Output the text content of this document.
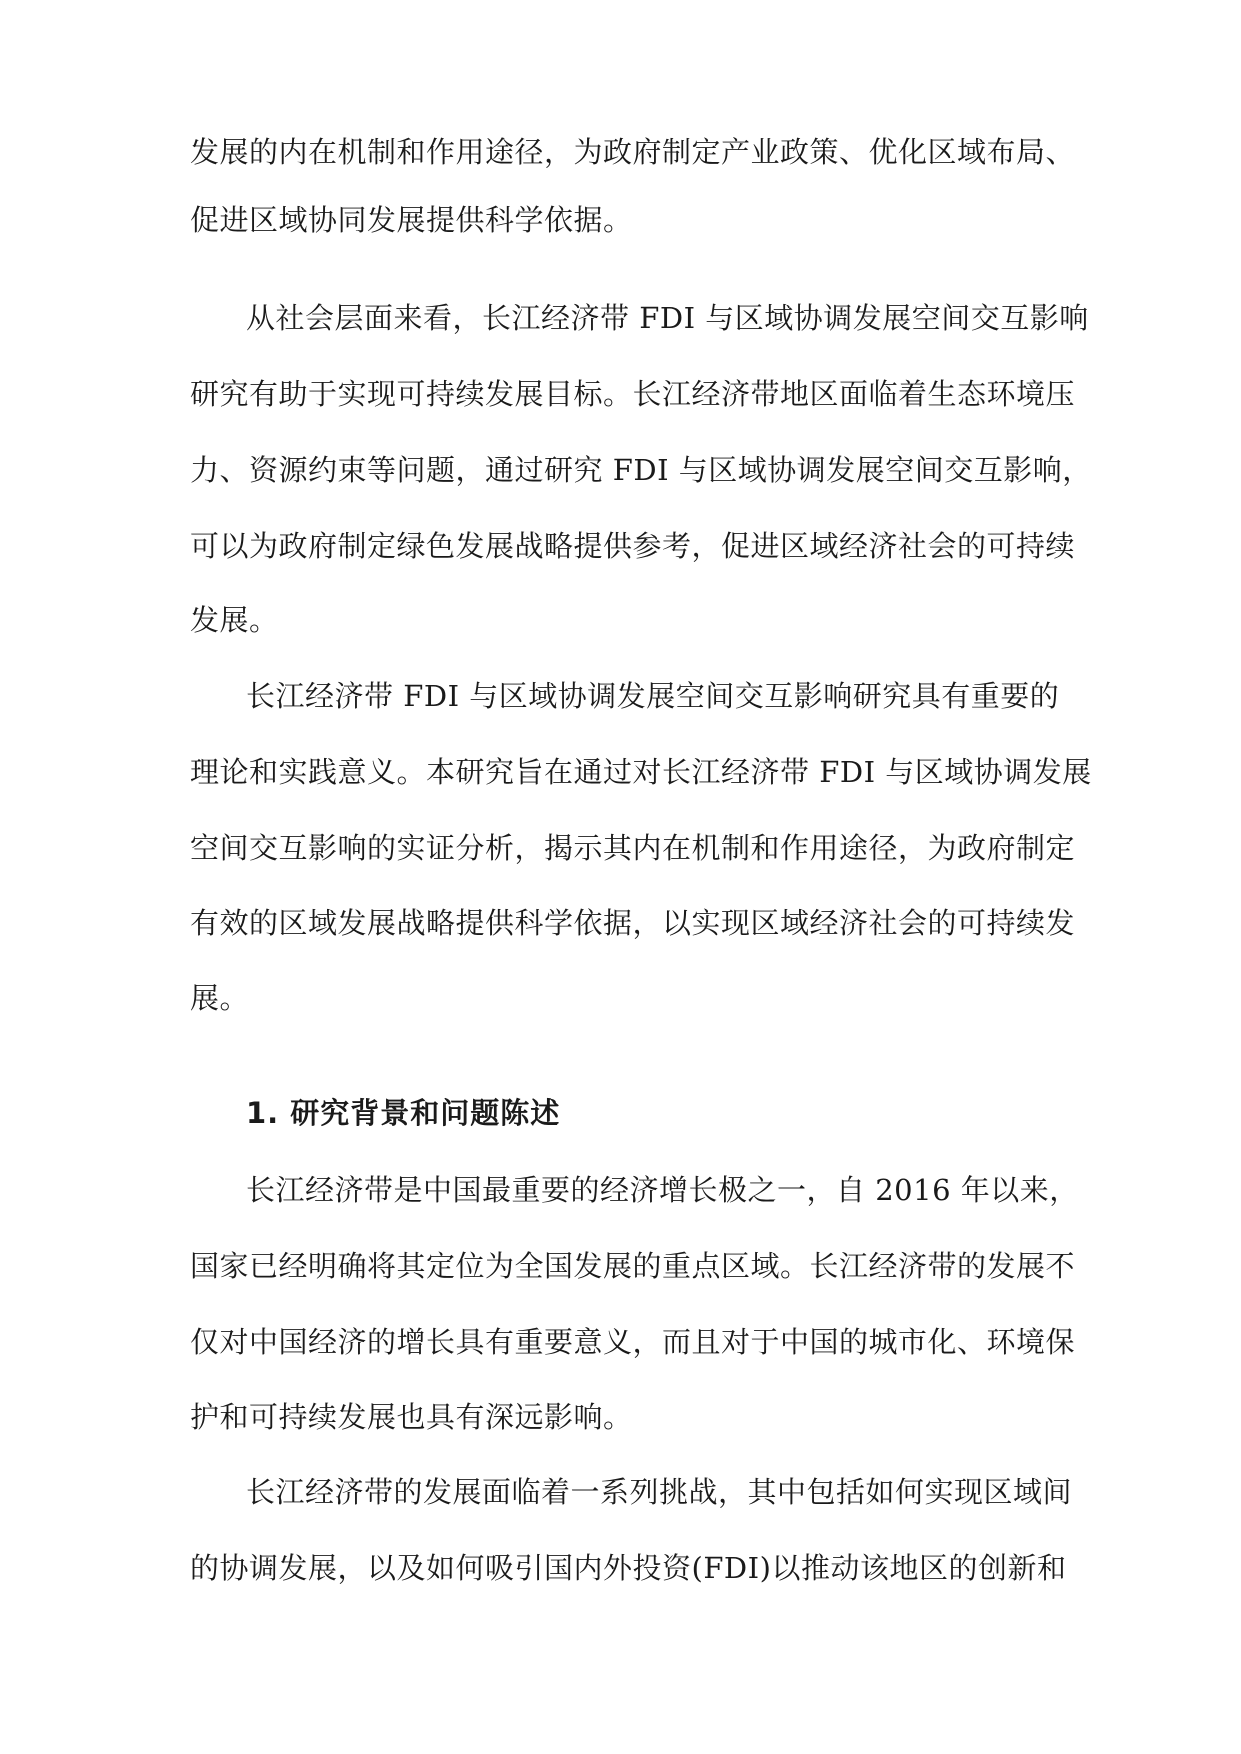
发展的内在机制和作用途径，为政府制定产业政策、优化区域布局、
促进区域协同发展提供科学依据。
从社会层面来看，长江经济带 FDI 与区域协调发展空间交互影响
研究有助于实现可持续发展目标。长江经济带地区面临着生态环境压
力、资源约束等问题，通过研究 FDI 与区域协调发展空间交互影响，
可以为政府制定绿色发展战略提供参考，促进区域经济社会的可持续
发展。
长江经济带 FDI 与区域协调发展空间交互影响研究具有重要的
理论和实践意义。本研究旨在通过对长江经济带 FDI 与区域协调发展
空间交互影响的实证分析，揭示其内在机制和作用途径，为政府制定
有效的区域发展战略提供科学依据，以实现区域经济社会的可持续发
展。
1. 研究背景和问题陈述
长江经济带是中国最重要的经济增长极之一，自 2016 年以来，
国家已经明确将其定位为全国发展的重点区域。长江经济带的发展不
仅对中国经济的增长具有重要意义，而且对于中国的城市化、环境保
护和可持续发展也具有深远影响。
长江经济带的发展面临着一系列挑战，其中包括如何实现区域间
的协调发展，以及如何吸引国内外投资(FDI)以推动该地区的创新和
